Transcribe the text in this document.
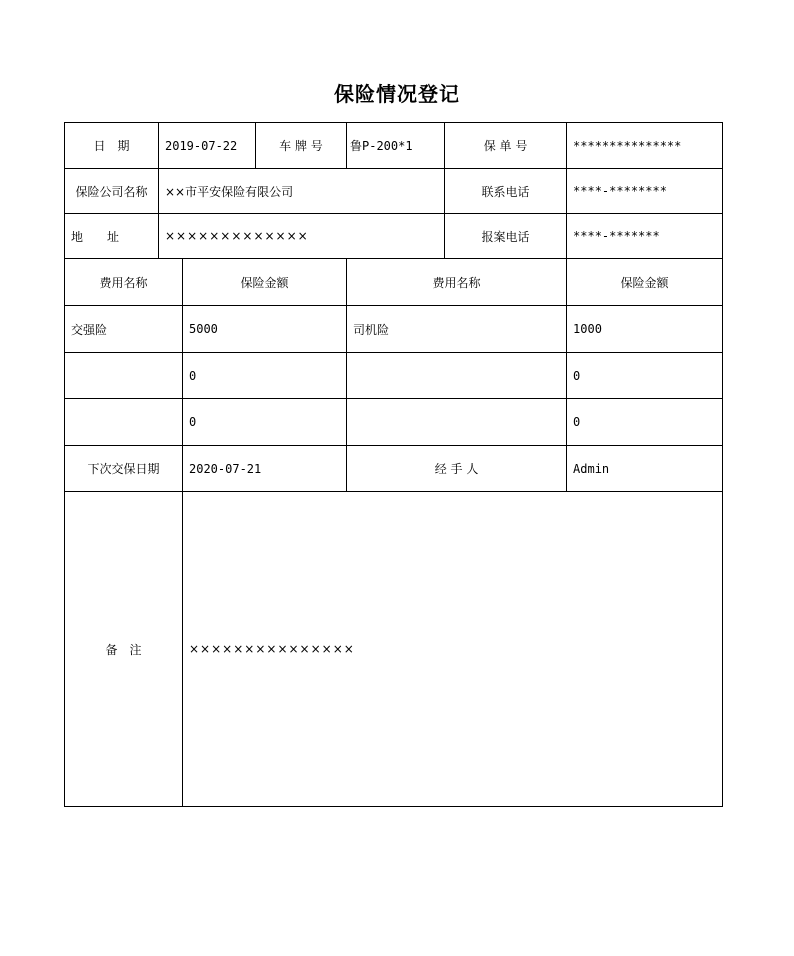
保险情况登记
日　期	2019-07-22		车 牌 号	鲁P-200*1	保 单 号	***************
保险公司名称	××市平安保险有限公司				联系电话	****-********
地　　址	×××××××××××××				报案电话	****-*******
费用名称		保险金额		费用名称		保险金额
交强险		5000		司机险		1000
		0				0
		0				0
下次交保日期		2020-07-21		经 手 人		Admin
备　注		×××××××××××××××				
